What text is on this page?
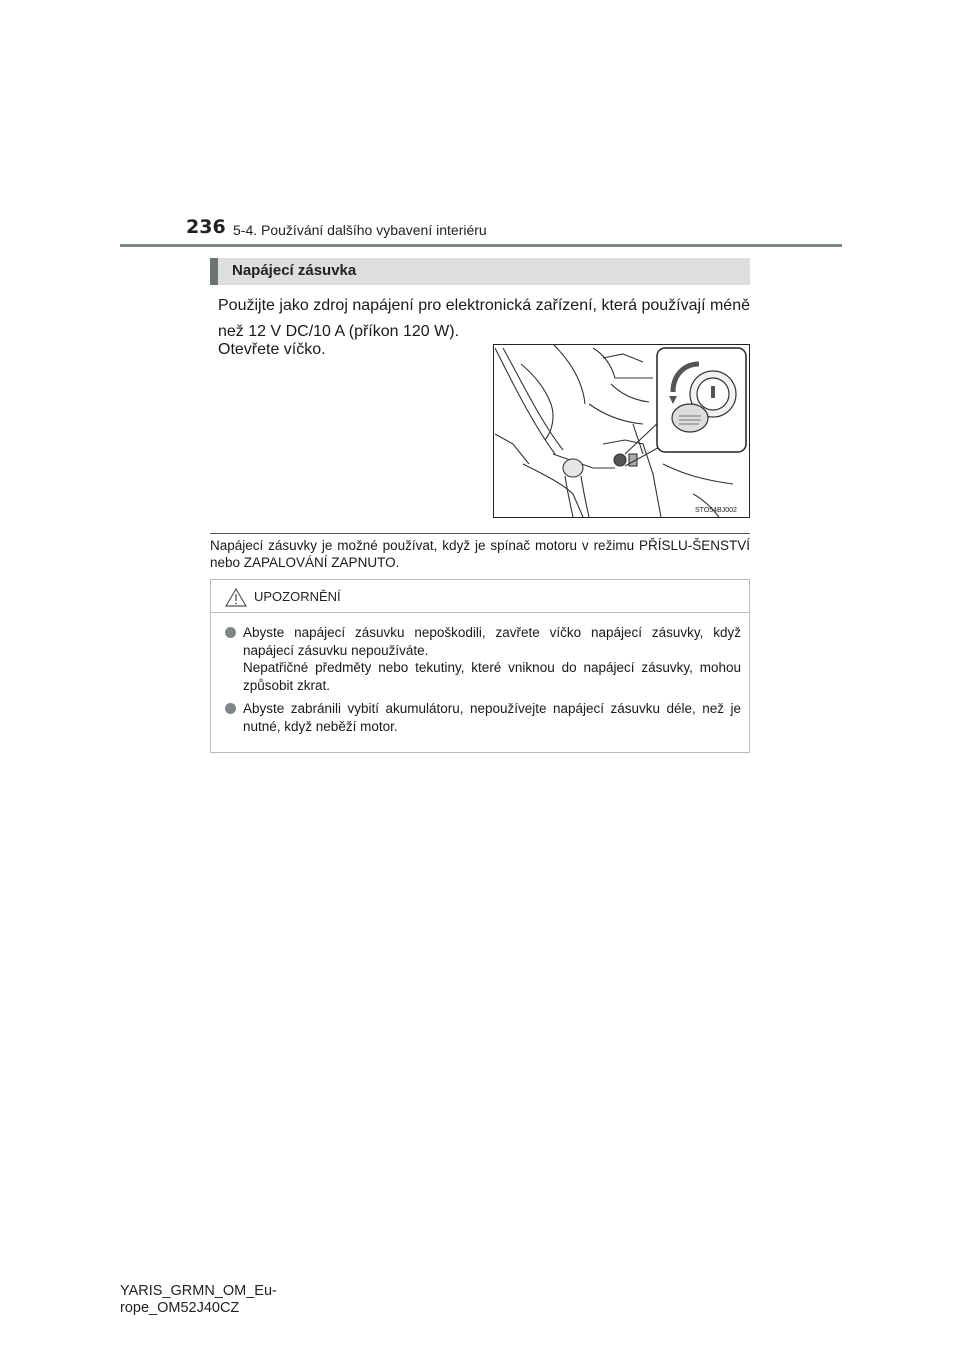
236 5-4. Používání dalšího vybavení interiéru
Napájecí zásuvka
Použijte jako zdroj napájení pro elektronická zařízení, která používají méně než 12 V DC/10 A (příkon 120 W).
Otevřete víčko.
STO54BJ002
Napájecí zásuvky je možné používat, když je spínač motoru v režimu PŘÍSLU-ŠENSTVÍ nebo ZAPALOVÁNÍ ZAPNUTO.
UPOZORNĚNÍ

Abyste napájecí zásuvku nepoškodili, zavřete víčko napájecí zásuvky, když napájecí zásuvku nepoužíváte.

Nepatřičné předměty nebo tekutiny, které vniknou do napájecí zásuvky, mohou způsobit zkrat.

Abyste zabránili vybití akumulátoru, nepoužívejte napájecí zásuvku déle, než je nutné, když neběží motor.

YARIS_GRMN_OM_Eu-
rope_OM52J40CZ
